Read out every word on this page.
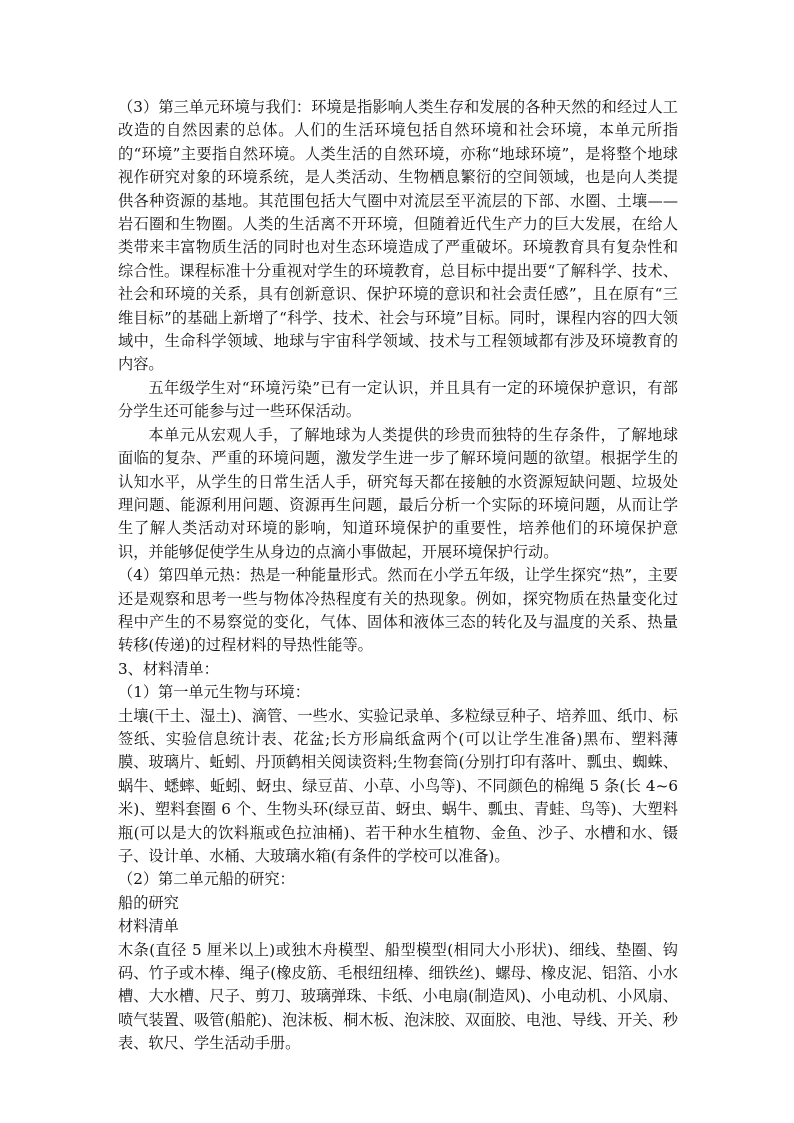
（3）第三单元环境与我们：环境是指影响人类生存和发展的各种天然的和经过人工改造的自然因素的总体。人们的生活环境包括自然环境和社会环境，本单元所指的“环境”主要指自然环境。人类生活的自然环境，亦称“地球环境”，是将整个地球视作研究对象的环境系统，是人类活动、生物栖息繁衍的空间领域，也是向人类提供各种资源的基地。其范围包括大气圈中对流层至平流层的下部、水圈、土壤——岩石圈和生物圈。人类的生活离不开环境，但随着近代生产力的巨大发展，在给人类带来丰富物质生活的同时也对生态环境造成了严重破坏。环境教育具有复杂性和综合性。课程标准十分重视对学生的环境教育，总目标中提出要“了解科学、技术、社会和环境的关系，具有创新意识、保护环境的意识和社会责任感”，且在原有“三维目标”的基础上新增了“科学、技术、社会与环境”目标。同时，课程内容的四大领域中，生命科学领域、地球与宇宙科学领域、技术与工程领域都有涉及环境教育的内容。

五年级学生对“环境污染”已有一定认识，并且具有一定的环境保护意识，有部分学生还可能参与过一些环保活动。

本单元从宏观人手，了解地球为人类提供的珍贵而独特的生存条件，了解地球面临的复杂、严重的环境问题，激发学生进一步了解环境问题的欲望。根据学生的认知水平，从学生的日常生活人手，研究每天都在接触的水资源短缺问题、垃圾处理问题、能源利用问题、资源再生问题，最后分析一个实际的环境问题，从而让学生了解人类活动对环境的影响，知道环境保护的重要性，培养他们的环境保护意识，并能够促使学生从身边的点滴小事做起，开展环境保护行动。

（4）第四单元热：热是一种能量形式。然而在小学五年级，让学生探究“热”，主要还是观察和思考一些与物体冷热程度有关的热现象。例如，探究物质在热量变化过程中产生的不易察觉的变化，气体、固体和液体三态的转化及与温度的关系、热量转移(传递)的过程材料的导热性能等。

3、材料清单：

（1）第一单元生物与环境：

土壤(干土、湿土)、滴管、一些水、实验记录单、多粒绿豆种子、培养皿、纸巾、标签纸、实验信息统计表、花盆;长方形扁纸盒两个(可以让学生准备)黑布、塑料薄膜、玻璃片、蚯蚓、丹顶鹤相关阅读资料;生物套筒(分别打印有落叶、瓢虫、蜘蛛、蜗牛、蟋蟀、蚯蚓、蚜虫、绿豆苗、小草、小鸟等)、不同颜色的棉绳 5 条(长 4~6 米)、塑料套圈 6 个、生物头环(绿豆苗、蚜虫、蜗牛、瓢虫、青蛙、鸟等)、大塑料瓶(可以是大的饮料瓶或色拉油桶)、若干种水生植物、金鱼、沙子、水槽和水、镊子、设计单、水桶、大玻璃水箱(有条件的学校可以准备)。

（2）第二单元船的研究：

船的研究

材料清单

木条(直径 5 厘米以上)或独木舟模型、船型模型(相同大小形状)、细线、垫圈、钩码、竹子或木棒、绳子(橡皮筋、毛根纽纽棒、细铁丝)、螺母、橡皮泥、铝箔、小水槽、大水槽、尺子、剪刀、玻璃弹珠、卡纸、小电扇(制造风)、小电动机、小风扇、喷气装置、吸管(船舵)、泡沫板、桐木板、泡沫胶、双面胶、电池、导线、开关、秒表、软尺、学生活动手册。
